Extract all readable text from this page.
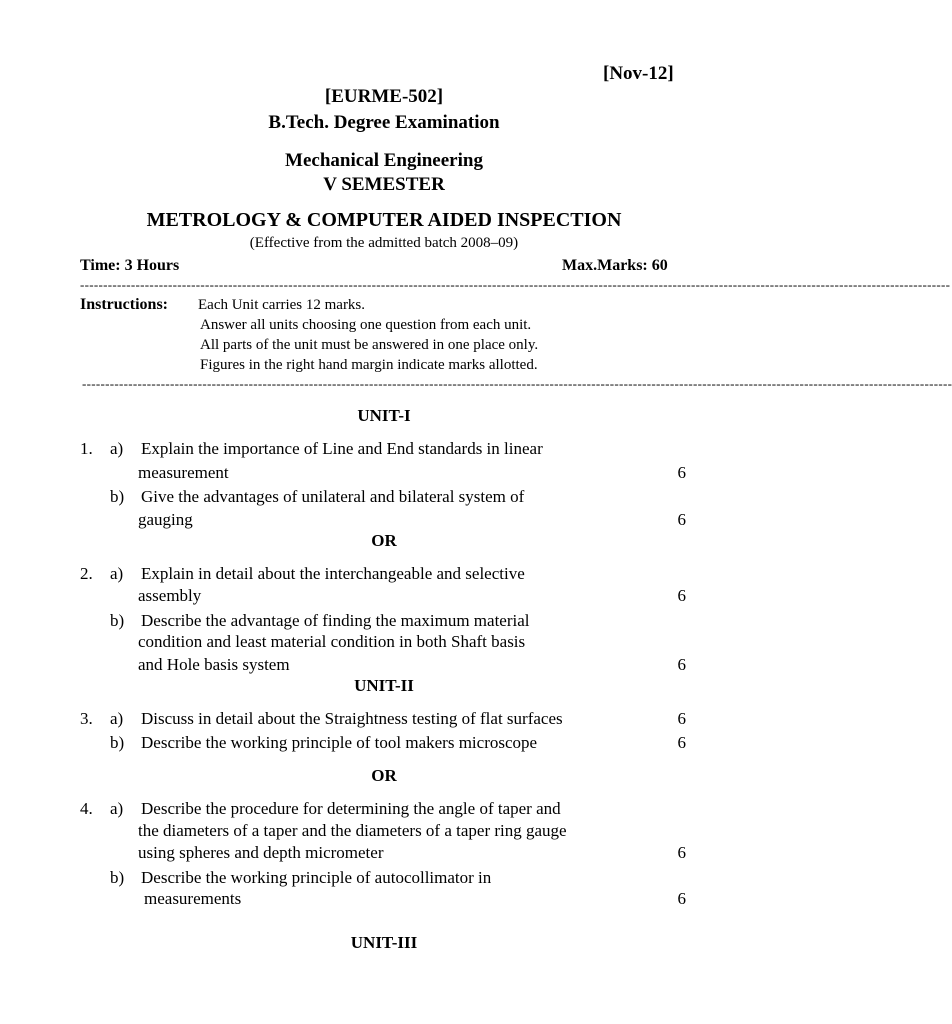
[Nov-12]
[EURME-502]
B.Tech. Degree Examination
Mechanical Engineering
V SEMESTER
METROLOGY & COMPUTER AIDED INSPECTION
(Effective from the admitted batch 2008–09)
Time: 3 Hours	Max.Marks: 60
--------------------------------------------------------------------------------------------------------------------------------------------------------------------------------------------
Instructions: Each Unit carries 12 marks.
Answer all units choosing one question from each unit.
All parts of the unit must be answered in one place only.
Figures in the right hand margin indicate marks allotted.
--------------------------------------------------------------------------------------------------------------------------------------------------------------------------------------------
UNIT-I
1. a) Explain the importance of Line and End standards in linear
measurement	6
b) Give the advantages of unilateral and bilateral system of
gauging	6
OR
2. a) Explain in detail about the interchangeable and selective
assembly	6
b) Describe the advantage of finding the maximum material
condition and least material condition in both Shaft basis
and Hole basis system	6
UNIT-II
3. a) Discuss in detail about the Straightness testing of flat surfaces	6
b) Describe the working principle of tool makers microscope	6
OR
4. a) Describe the procedure for determining the angle of taper and
the diameters of a taper and the diameters of a taper ring gauge
using spheres and depth micrometer	6
b) Describe the working principle of autocollimator in
measurements	6
UNIT-III
